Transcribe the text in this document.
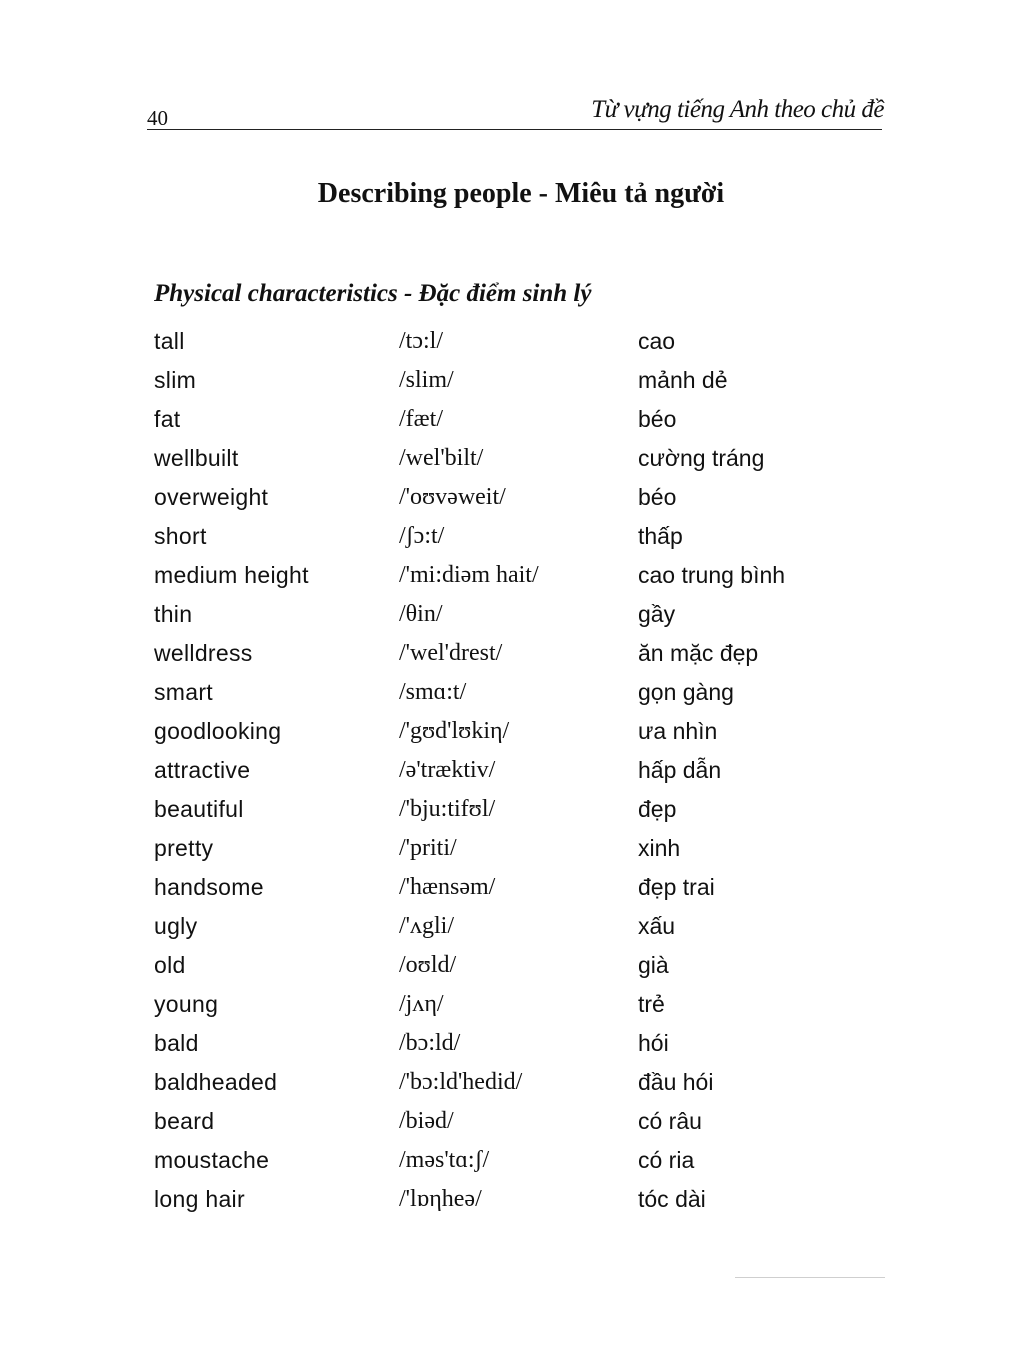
40	Từ vựng tiếng Anh theo chủ đề
Describing people - Miêu tả người
Physical characteristics - Đặc điểm sinh lý
tall	/tɔ:l/	cao
slim	/slim/	mảnh dẻ
fat	/fæt/	béo
wellbuilt	/wel'bilt/	cường tráng
overweight	/'oʊvəweit/	béo
short	/ʃɔ:t/	thấp
medium height	/'mi:diəm hait/	cao trung bình
thin	/θin/	gầy
welldress	/'wel'drest/	ăn mặc đẹp
smart	/smɑ:t/	gọn gàng
goodlooking	/'gʊd'lʊkiη/	ưa nhìn
attractive	/ə'træktiv/	hấp dẫn
beautiful	/'bju:tifʊl/	đẹp
pretty	/'priti/	xinh
handsome	/'hænsəm/	đẹp trai
ugly	/'ʌgli/	xấu
old	/oʊld/	già
young	/jʌη/	trẻ
bald	/bɔ:ld/	hói
baldheaded	/'bɔ:ld'hedid/	đầu hói
beard	/biəd/	có râu
moustache	/məs'tɑ:ʃ/	có ria
long hair	/'lɒηheə/	tóc dài
